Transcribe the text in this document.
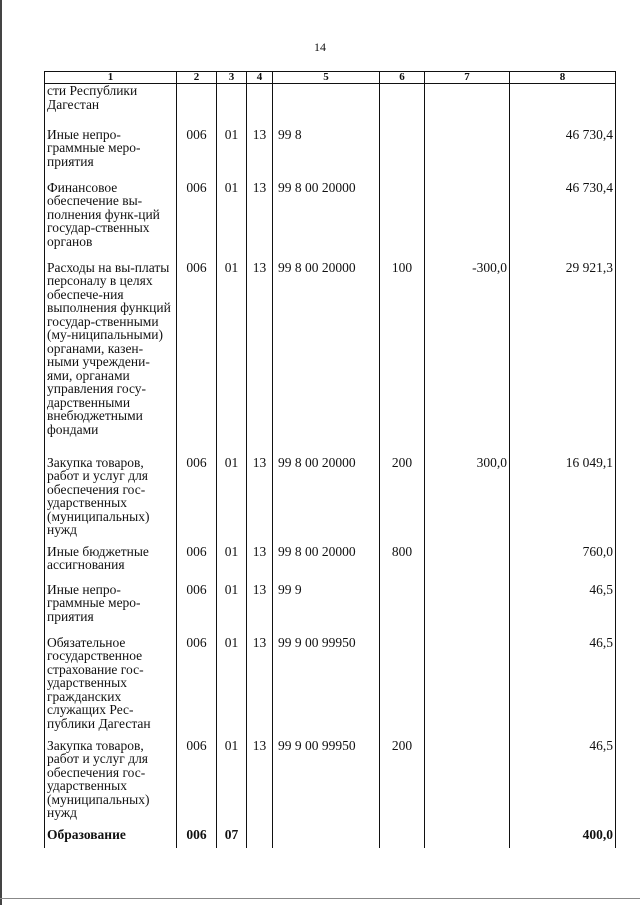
14
1	2	3	4	5	6	7	8
сти Республики Дагестан							
Иные непро-граммные меро-приятия	006	01	13	99 8			46 730,4
Финансовое обеспечение вы-полнения функ-ций государ-ственных органов	006	01	13	99 8 00 20000			46 730,4
Расходы на вы-платы персоналу в целях обеспече-ния выполнения функций государ-ственными (му-ниципальными) органами, казен-ными учреждени-ями, органами управления госу-дарственными внебюджетными фондами	006	01	13	99 8 00 20000	100	-300,0	29 921,3
Закупка товаров, работ и услуг для обеспечения гос-ударственных (муниципальных) нужд	006	01	13	99 8 00 20000	200	300,0	16 049,1
Иные бюджетные ассигнования	006	01	13	99 8 00 20000	800		760,0
Иные непро-граммные меро-приятия	006	01	13	99 9			46,5
Обязательное государственное страхование гос-ударственных гражданских служащих Рес-публики Дагестан	006	01	13	99 9 00 99950			46,5
Закупка товаров, работ и услуг для обеспечения гос-ударственных (муниципальных) нужд	006	01	13	99 9 00 99950	200		46,5
Образование	006	07					400,0
